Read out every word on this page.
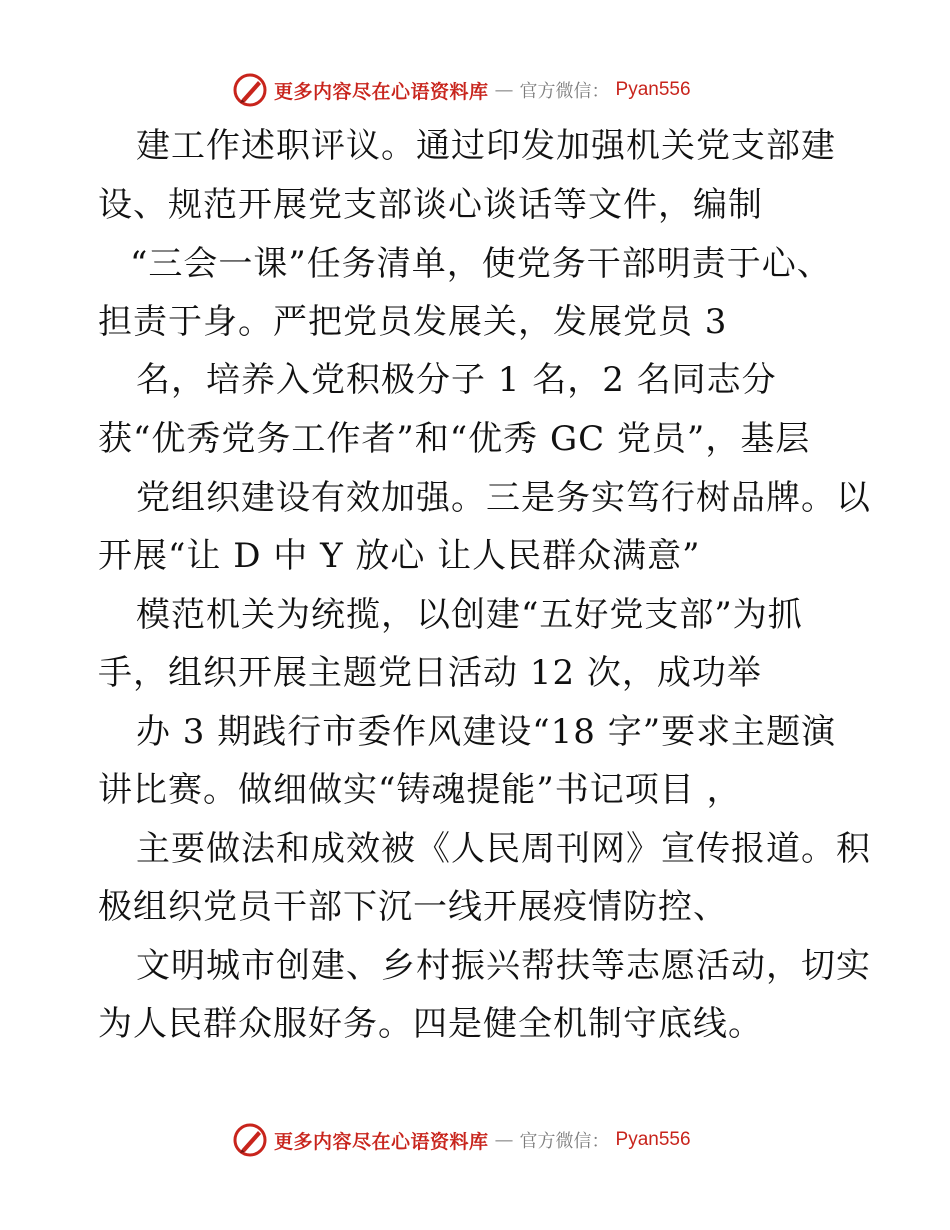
更多内容尽在心语资料库 — 官方微信： Pyan556
建工作述职评议。通过印发加强机关党支部建
设、规范开展党支部谈心谈话等文件，编制
“三会一课”任务清单，使党务干部明责于心、
担责于身。严把党员发展关，发展党员 3
名，培养入党积极分子 1 名，2 名同志分
获“优秀党务工作者”和“优秀 GC 党员”，基层
党组织建设有效加强。三是务实笃行树品牌。以
开展“让 D 中 Y 放心 让人民群众满意”
模范机关为统揽，以创建“五好党支部”为抓
手，组织开展主题党日活动 12 次，成功举
办 3 期践行市委作风建设“18 字”要求主题演
讲比赛。做细做实“铸魂提能”书记项目 ，
主要做法和成效被《人民周刊网》宣传报道。积
极组织党员干部下沉一线开展疫情防控、
文明城市创建、乡村振兴帮扶等志愿活动，切实
为人民群众服好务。四是健全机制守底线。
更多内容尽在心语资料库 — 官方微信： Pyan556
